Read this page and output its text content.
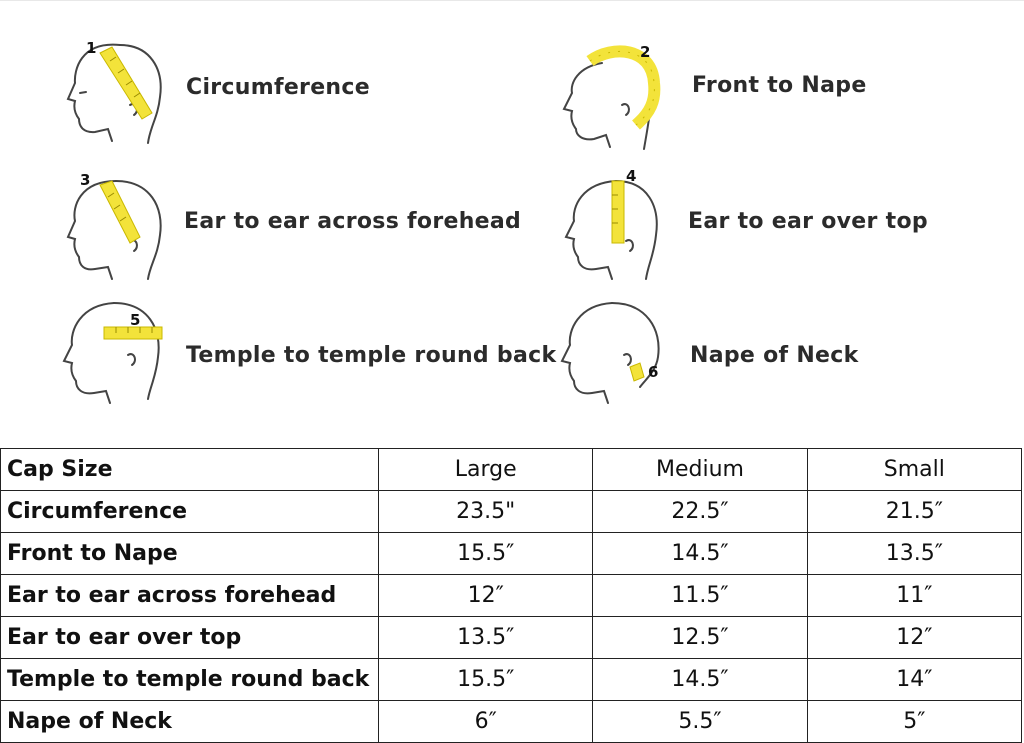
1
Circumference
2
Front to Nape
3
Ear to ear across forehead
4
Ear to ear over top
5
Temple to temple round back
6
Nape of Neck
Cap Size	Large	Medium	Small
Circumference	23.5"	22.5″	21.5″
Front to Nape	15.5″	14.5″	13.5″
Ear to ear across forehead	12″	11.5″	11″
Ear to ear over top	13.5″	12.5″	12″
Temple to temple round back	15.5″	14.5″	14″
Nape of Neck	6″	5.5″	5″
